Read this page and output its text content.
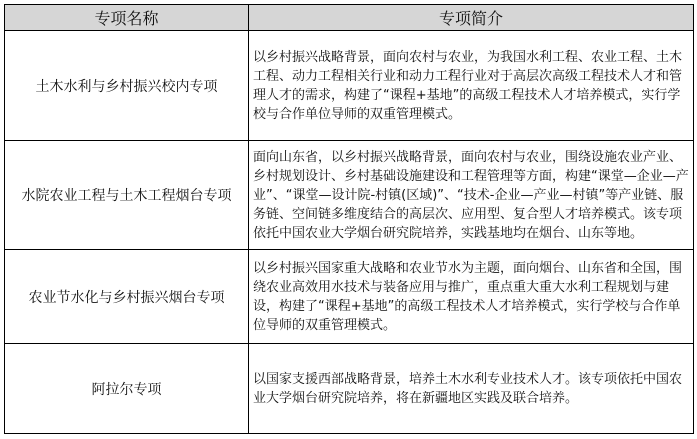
专项名称	专项简介
土木水利与乡村振兴校内专项	以乡村振兴战略背景，面向农村与农业，为我国水利工程、农业工程、土木工程、动力工程相关行业和动力工程行业对于高层次高级工程技术人才和管理人才的需求，构建了“课程+基地”的高级工程技术人才培养模式，实行学校与合作单位导师的双重管理模式。
水院农业工程与土木工程烟台专项	面向山东省，以乡村振兴战略背景，面向农村与农业，围绕设施农业产业、乡村规划设计、乡村基础设施建设和工程管理等方面，构建“课堂—企业—产业”、“课堂—设计院-村镇(区域)”、“技术-企业—产业—村镇”等产业链、服务链、空间链多维度结合的高层次、应用型、复合型人才培养模式。该专项依托中国农业大学烟台研究院培养，实践基地均在烟台、山东等地。
农业节水化与乡村振兴烟台专项	以乡村振兴国家重大战略和农业节水为主题，面向烟台、山东省和全国，围绕农业高效用水技术与装备应用与推广，重点重大重大水利工程规划与建设，构建了“课程+基地”的高级工程技术人才培养模式，实行学校与合作单位导师的双重管理模式。
阿拉尔专项	以国家支援西部战略背景，培养土木水利专业技术人才。该专项依托中国农业大学烟台研究院培养，将在新疆地区实践及联合培养。
